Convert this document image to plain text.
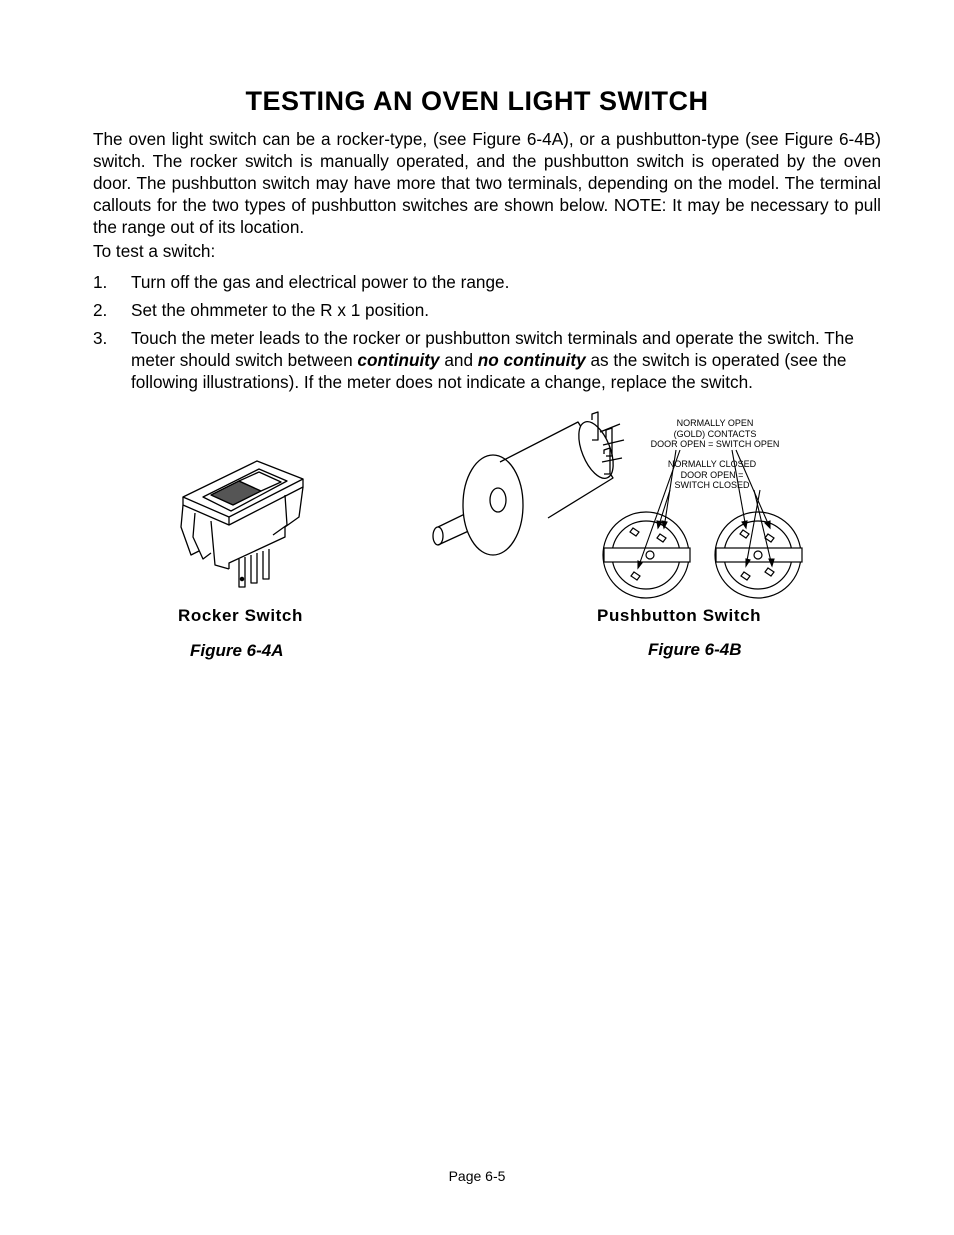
TESTING AN OVEN LIGHT SWITCH

The oven light switch can be a rocker-type, (see Figure 6-4A), or a pushbutton-type (see Figure 6-4B) switch. The rocker switch is manually operated, and the pushbutton switch is operated by the oven door. The pushbutton switch may have more that two terminals, depending on the model. The terminal callouts for the two types of pushbutton switches are shown below. NOTE: It may be necessary to pull the range out of its location.

To test a switch:

1. Turn off the gas and electrical power to the range.

2. Set the ohmmeter to the R x 1 position.

3. Touch the meter leads to the rocker or pushbutton switch terminals and operate the switch. The meter should switch between continuity and no continuity as the switch is operated (see the following illustrations). If the meter does not indicate a change, replace the switch.

Rocker Switch
Figure 6-4A
NORMALLY OPEN
(GOLD) CONTACTS
DOOR OPEN = SWITCH OPEN
NORMALLY CLOSED
DOOR OPEN =
SWITCH CLOSED
Pushbutton Switch
Figure 6-4B
Page 6-5
